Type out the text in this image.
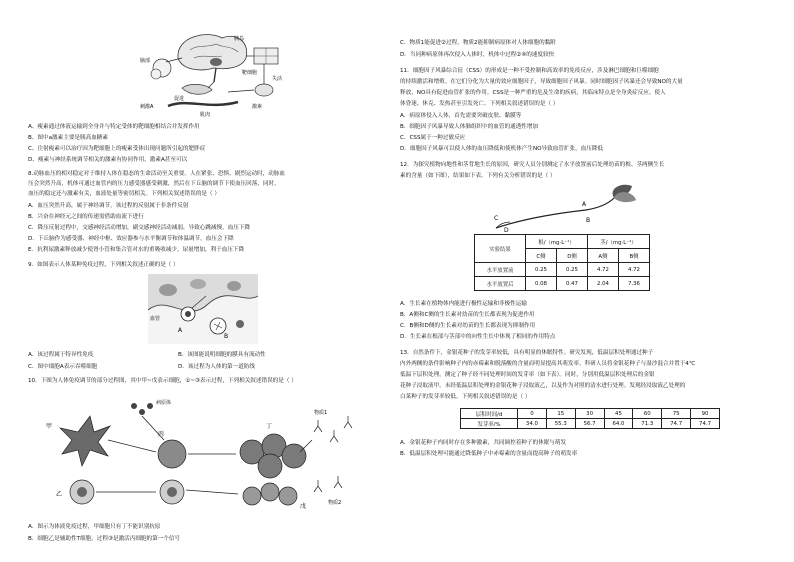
脑部
胰岛
刺激A
促进
靶细胞
激素
失活
肌肉
A、瘦素通过体液运输到全身并与特定受体的靶细胞相结合并发挥作用
B、图中a激素主要是胰高血糖素
C、注射瘦素可以治疗因为靶细胞上的瘦素受体出现问题所引起的肥胖症
D、瘦素与神经系统调节相关的激素有协同作用，激素A甚至可以
8.动脉血压的相对稳定对于维持人体在稳态的生命活动至关重要。人在紧张、恐惧、剧烈运动时，动脉血
压会突然升高，机体可通过血管内的压力感受器感受刺激，然后在下丘脑的调节下使血压回落，同时，
血压的稳定还与激素有关，血液处量等密切相关。下列相关叙述错误的是（ ）
A．血压突然升高，属于神经调节，该过程的反射属于非条件反射
B．兴奋在神经元之间的传递需借助血流下进行
C．降压反射过程中，交感神经活动增加，副交感神经活动减弱，导致心跳减慢，血压下降
D．下丘脑作为感受器、神经中枢、效应器参与水平衡调节和体温调节，血压会下降
E．抗利尿激素释放减少使肾小管和集合管对水的重吸收减少，尿量增加，利于血压下降
9．如图表示人体某种免疫过程，下列相关叙述正确的是（ ）
A
B
血管
A．该过程属于特异性免疫	B．该图能说明细胞的膜具有流动性
C．图中细胞A表示吞噬细胞	D．该过程为人体的第一道防线
10．下图为人体免疫调节的部分过程图，其中甲~戊表示细胞，①~③表示过程，下列相关叙述错误的是（ ）
甲
乙
丙
丁
戊
病原体
物质1
物质2
A．图示为体液免疫过程，甲细胞只有丁不能识别抗原
B．细胞乙是辅助性T细胞，过程③是激活丙细胞的第一个信号
C．物质1能促进②过程，物质2能抑制病原体对人体细胞的黏附
D．当同种病原体再次侵入人体时，机体中过程②④的速度较快
11．细胞因子风暴综合征（CSS）的形成是一种不受控制和高效率的免疫反应，涉及淋巴细胞和巨噬细胞
的持续激活和增殖。在它们分化为大量的效应细胞因子，导致细胞因子风暴。同时细胞因子风暴还会导致NO的大量
释放，NO具有促进血管扩张的作用。CSS是一种严重的危及生命的疾病，其临床特点是全身炎症反应，使人
体昏迷、休克、发热甚至引发死亡。下列相关叙述错误的是（ ）
A．病原体侵入人体，首先需要突破皮肤、黏膜等
B．细胞因子风暴导致人体肺组织中的血管的通透性增加
C．CSS属于一种过敏反应
D．细胞因子风暴可以使人体的血压降低和使机体产生NO导致血管扩张，血压降低
12．为探究植物向地性和茎背地生长的原因，研究人员分别测定了水平放置前后处理幼苗的根、茎两侧生长
素的含量（如下图），结果如下表。下列有关分析错误的是（ ）
A
B
C
D
实验结果	根/（mg·L⁻¹）		茎/（mg·L⁻¹）	
	C侧	D侧	A侧	B侧
水平放置前	0.25	0.25	4.72	4.72
水平放置后	0.08	0.47	2.04	7.36
A．生长素在植物体内能进行极性运输和非极性运输
B．A侧和C侧的生长素对幼苗的生长都表现为促进作用
C．B侧和D侧的生长素对幼苗的生长都表现为抑制作用
D．生长素在根部与茎部中的向性生长中体现了相同的作用特点
13．自然条件下，金银花种子的发芽率较低，具有明显的休眠特性。研究发现，低温层积处理通过种子
内外两侧的条件影响种子内的赤霉素和脱落酸的含量而明显提高其萌发率。科研人员将金银花种子与湿沙混合并置于4℃
低温下层积处理，测定了种子经不同处理时间的发芽率（如下表）。同时，分别用低温层积处理后的金银
花种子浸取液甲，未经低温层积处理的金银花种子浸取液乙，以及作为对照的清水进行处理。发现经浸取液乙处理的
白菜种子的发芽率较低。下列相关叙述错误的是（ ）
层积时间/d	0	15	30	45	60	75	90
发芽率/%	34.0	55.3	56.7	64.0	71.3	74.7	74.7
A．金银花种子内同时存在多种激素，共同调控着种子的休眠与萌发
B．低温层积处理可能通过降低种子中赤霉素的含量而提高种子的萌发率
